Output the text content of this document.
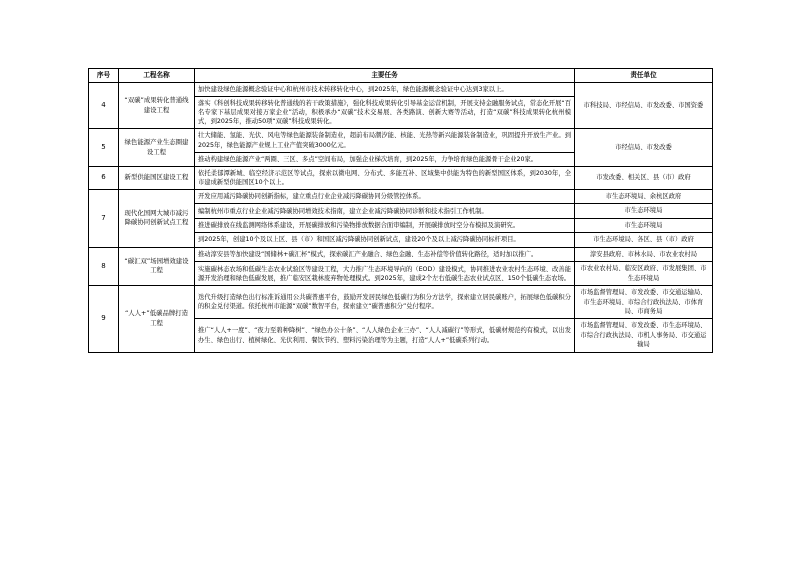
序号	工程名称	主要任务	责任单位
4	“双碳”成果转化普通线建设工程	加快建设绿色能源概念验证中心和杭州市技术转移转化中心，到2025年，绿色能源概念验证中心达到3家以上。	市科技局、市经信局、市发改委、市国资委
		落实《科创科技成果转移转化普通线的若干政策措施》，强化科技成果转化引导基金运营机制，开展支持金融服务试点，常态化开展“百名专家下基层成果对接万家企业”活动，积极承办“双碳”技术交易展、各类路演、创新大赛等活动，打造“双碳”科技成果转化杭州模式，到2025年，推动50项“双碳”科技成果转化。	
5	绿色能源产业生态圈建设工程	壮大储能、氢能、光伏、风电等绿色能源装备制造业，超前布局潮汐能、核能、光热等新兴能源装备制造业，巩固提升开放生产业。到2025年，绿色能源产业规上工业产值突破3000亿元。	市经信局、市发改委
		推动构建绿色能源产业“两圈、三区、多点”空间布局，加强企业梯次培育，到2025年，力争培育绿色能源骨干企业20家。	
6	新型供能国区建设工程	依托柔郁潭新城、临空经济示范区等试点，探索以微电网、分布式、多能互补、区域集中供能为特色的新型国区体系，到2030年，全市建成新型供能国区10个以上。	市发改委、相关区、县（市）政府
7	现代化国网大城市减污降碳协同创新试点工程	开发应用减污降碳协同创新指标，建立重点行业企业减污降碳协同分级管控体系。	市生态环境局、余杭区政府
		编制杭州市重点行业企业减污降碳协同增效技术指南，建立企业减污降碳协同诊断和技术指引工作机制。	市生态环境局
		推进碳排放在线监测网络体系建设，开展碳排放和污染物排放数据合面审编制，开展碳排放时空分布模拟及演研究。	市生态环境局
		到2025年，创建10个及以上区、县（市）和国区减污降碳协同创新试点，建设20个及以上减污降碳协同标杆项目。	市生态环境局、各区、县（市）政府
8	“碳汇双”场园增效建设工程	推动淳安县等加快建设“国储林+碳汇杯”模式，探索碳汇产业融合、绿色金融、生态补偿等价值转化路径，适时加以推广。	淳安县政府、市林水局、市农业农村局
		实施碳林态农场和低碳生态农业试验区等建设工程，大力推广生态环境导向的（EOD）建设模式，协同推进农业农村生态环境、改善能源开发治理和绿色低碳发展，推广临安区栽林废弃物处理模式。到2025年，建成2个左右低碳生态农业试点区、150个低碳生态农场。	市农业农村局、临安区政府、市发展集团、市生态环境局
9	“人人+”低碳品牌打造工程	迭代升级打造绿色出行标准诉通用公共碳普惠平台，鼓励开发居民绿色低碳行为积分方法学，探索建立居民碳账户，拓展绿色低碳积分的积金兑付渠道。依托杭州市能源“双碳”数智平台，探索建立“碳普惠积分”兑付程序。	市场监督管理局、市发改委、市交通运输局、市生态环境局、市综合行政执法局、市体育局、市商务局
		推广“人人+一度”、“夜力至碧种降树”、“绿色办公十条”、“人人绿色企业三办”、“人人减碳行”等形式，低碳材规范约有模式，以出发办生、绿色出行、植树绿化、光伏利用、餐饮节约、塑料污染治理等为主题，打造“人人+”低碳系列行动。	市场监督管理局、市发改委、市生态环境局、市综合行政执法局、市机人事务局、市交通运输局
